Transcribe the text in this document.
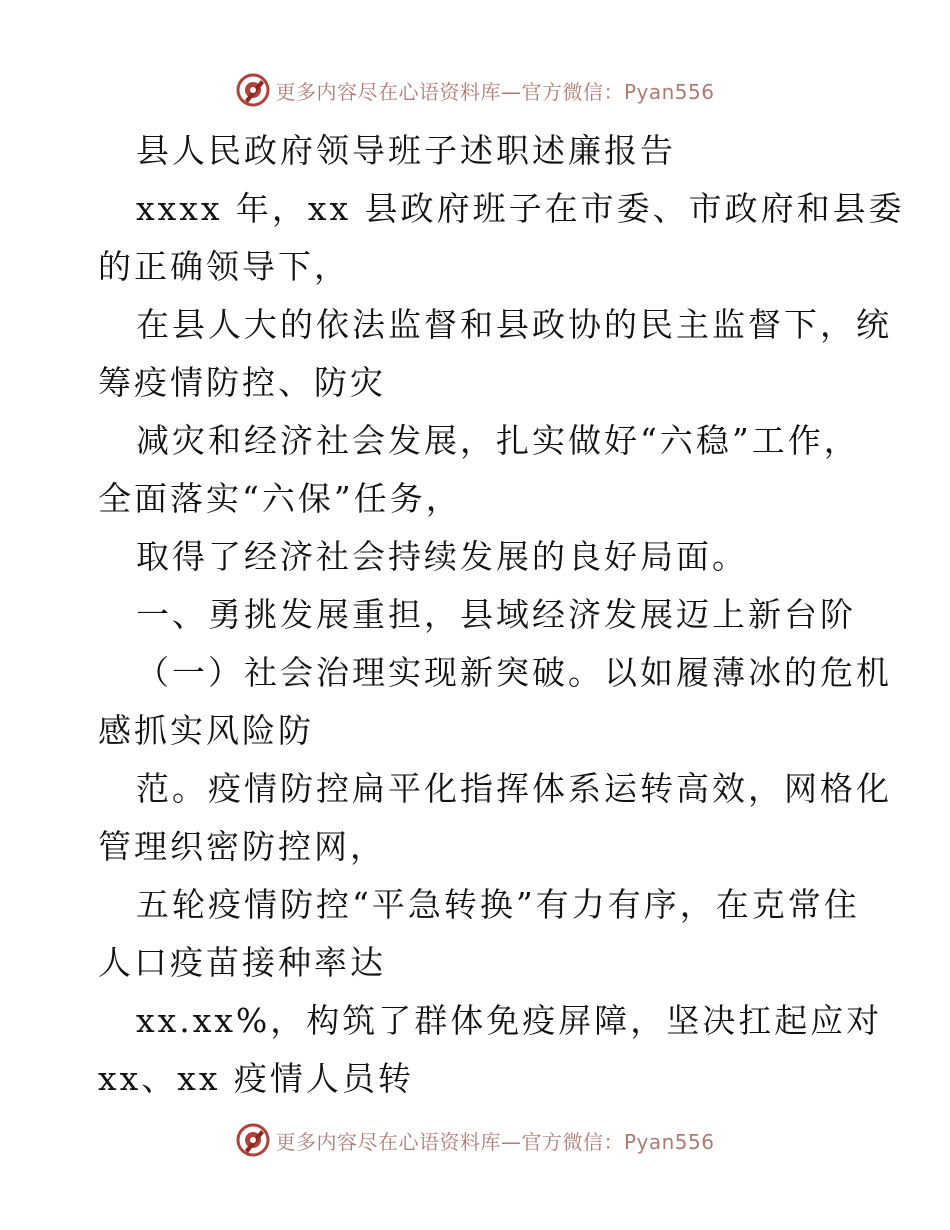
更多内容尽在心语资料库—官方微信：Pyan556
县人民政府领导班子述职述廉报告
xxxx 年，xx 县政府班子在市委、市政府和县委
的正确领导下，
在县人大的依法监督和县政协的民主监督下，统
筹疫情防控、防灾
减灾和经济社会发展，扎实做好“六稳”工作，
全面落实“六保”任务，
取得了经济社会持续发展的良好局面。
一、勇挑发展重担，县域经济发展迈上新台阶
（一）社会治理实现新突破。以如履薄冰的危机
感抓实风险防
范。疫情防控扁平化指挥体系运转高效，网格化
管理织密防控网，
五轮疫情防控“平急转换”有力有序，在克常住
人口疫苗接种率达
xx.xx%，构筑了群体免疫屏障，坚决扛起应对
xx、xx 疫情人员转
更多内容尽在心语资料库—官方微信：Pyan556
